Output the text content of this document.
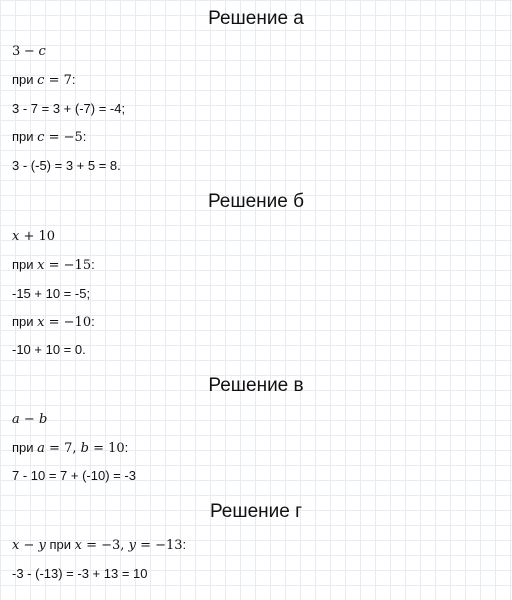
Решение а
3 − c
при c = 7:
3 - 7 = 3 + (-7) = -4;
при c = −5:
3 - (-5) = 3 + 5 = 8.
Решение б
x + 10
при x = −15:
-15 + 10 = -5;
при x = −10:
-10 + 10 = 0.
Решение в
a − b
при a = 7, b = 10:
7 - 10 = 7 + (-10) = -3
Решение г
x − y при x = −3, y = −13:
-3 - (-13) = -3 + 13 = 10
